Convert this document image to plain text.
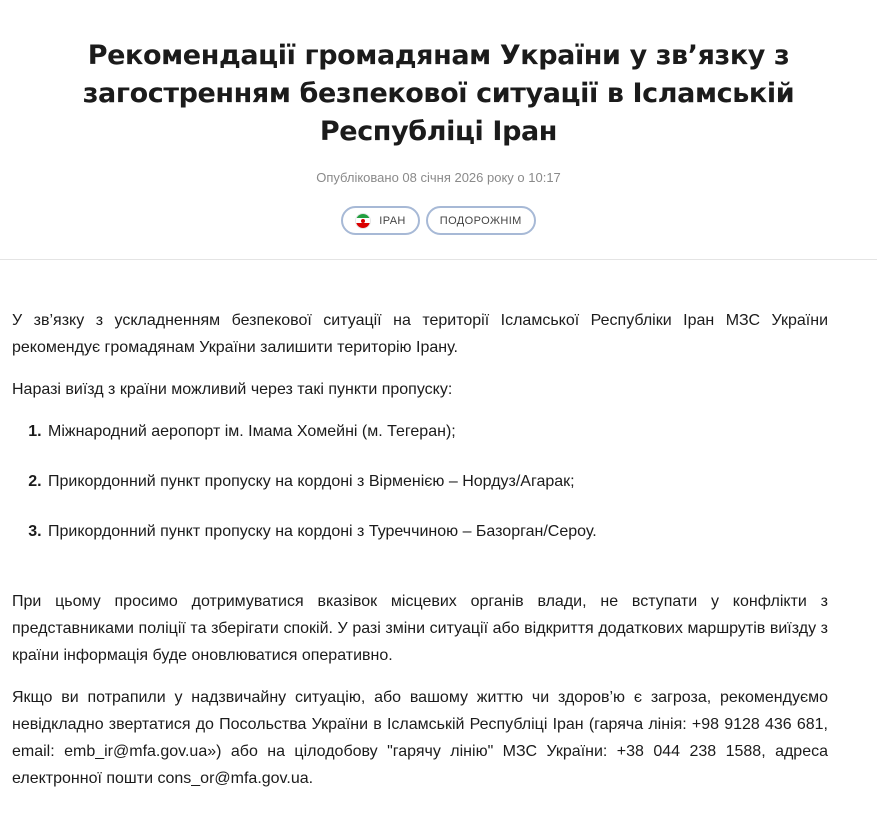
Рекомендації громадянам України у зв’язку з загостренням безпекової ситуації в Ісламській Республіці Іран
Опубліковано 08 січня 2026 року о 10:17
ІРАН	ПОДОРОЖНІМ

У зв’язку з ускладненням безпекової ситуації на території Ісламської Республіки Іран МЗС України рекомендує громадянам України залишити територію Ірану.

Наразі виїзд з країни можливий через такі пункти пропуску:

1. Міжнародний аеропорт ім. Імама Хомейні (м. Тегеран);
2. Прикордонний пункт пропуску на кордоні з Вірменією – Нордуз/Агарак;
3. Прикордонний пункт пропуску на кордоні з Туреччиною – Базорган/Сероу.

При цьому просимо дотримуватися вказівок місцевих органів влади, не вступати у конфлікти з представниками поліції та зберігати спокій. У разі зміни ситуації або відкриття додаткових маршрутів виїзду з країни інформація буде оновлюватися оперативно.

Якщо ви потрапили у надзвичайну ситуацію, або вашому життю чи здоров’ю є загроза, рекомендуємо невідкладно звертатися до Посольства України в Ісламській Республіці Іран (гаряча лінія: +98 9128 436 681, email: emb_ir@mfa.gov.ua») або на цілодобову "гарячу лінію" МЗС України: +38 044 238 1588, адреса електронної пошти cons_or@mfa.gov.ua.
